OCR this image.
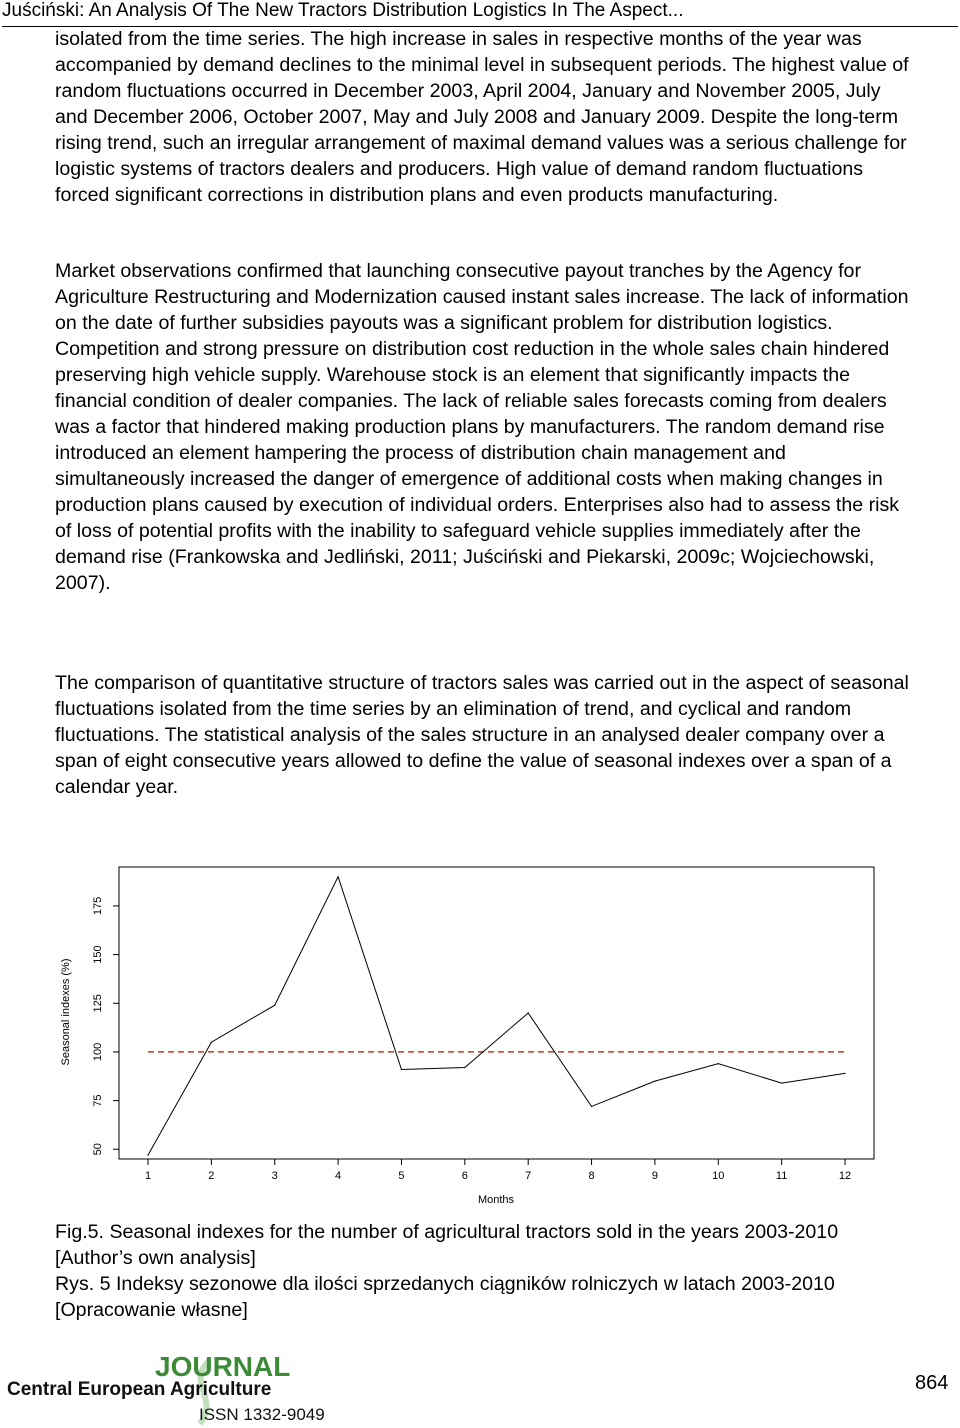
Juściński: An Analysis Of The New Tractors Distribution Logistics In The Aspect...

isolated from the time series. The high increase in sales in respective months of the year was accompanied by demand declines to the minimal level in subsequent periods. The highest value of random fluctuations occurred in December 2003, April 2004, January and November 2005, July and December 2006, October 2007, May and July 2008 and January 2009. Despite the long-term rising trend, such an irregular arrangement of maximal demand values was a serious challenge for logistic systems of tractors dealers and producers. High value of demand random fluctuations forced significant corrections in distribution plans and even products manufacturing.

Market observations confirmed that launching consecutive payout tranches by the Agency for Agriculture Restructuring and Modernization caused instant sales increase. The lack of information on the date of further subsidies payouts was a significant problem for distribution logistics. Competition and strong pressure on distribution cost reduction in the whole sales chain hindered preserving high vehicle supply. Warehouse stock is an element that significantly impacts the financial condition of dealer companies. The lack of reliable sales forecasts coming from dealers was a factor that hindered making production plans by manufacturers. The random demand rise introduced an element hampering the process of distribution chain management and simultaneously increased the danger of emergence of additional costs when making changes in production plans caused by execution of individual orders. Enterprises also had to assess the risk of loss of potential profits with the inability to safeguard vehicle supplies immediately after the demand rise (Frankowska and Jedliński, 2011; Juściński and Piekarski, 2009c; Wojciechowski, 2007).

The comparison of quantitative structure of tractors sales was carried out in the aspect of seasonal fluctuations isolated from the time series by an elimination of trend, and cyclical and random fluctuations. The statistical analysis of the sales structure in an analysed dealer company over a span of eight consecutive years allowed to define the value of seasonal indexes over a span of a calendar year.

1	2	3	4	5	6	7	8	9	10	11	12
50
75
100
125
150
175
Months
Seasonal indexes (%)
Fig.5. Seasonal indexes for the number of agricultural tractors sold in the years 2003-2010 [Author’s own analysis]
Rys. 5 Indeksy sezonowe dla ilości sprzedanych ciągników rolniczych w latach 2003-2010 [Opracowanie własne]
JOURNAL
Central European Agriculture
ISSN 1332-9049
864
